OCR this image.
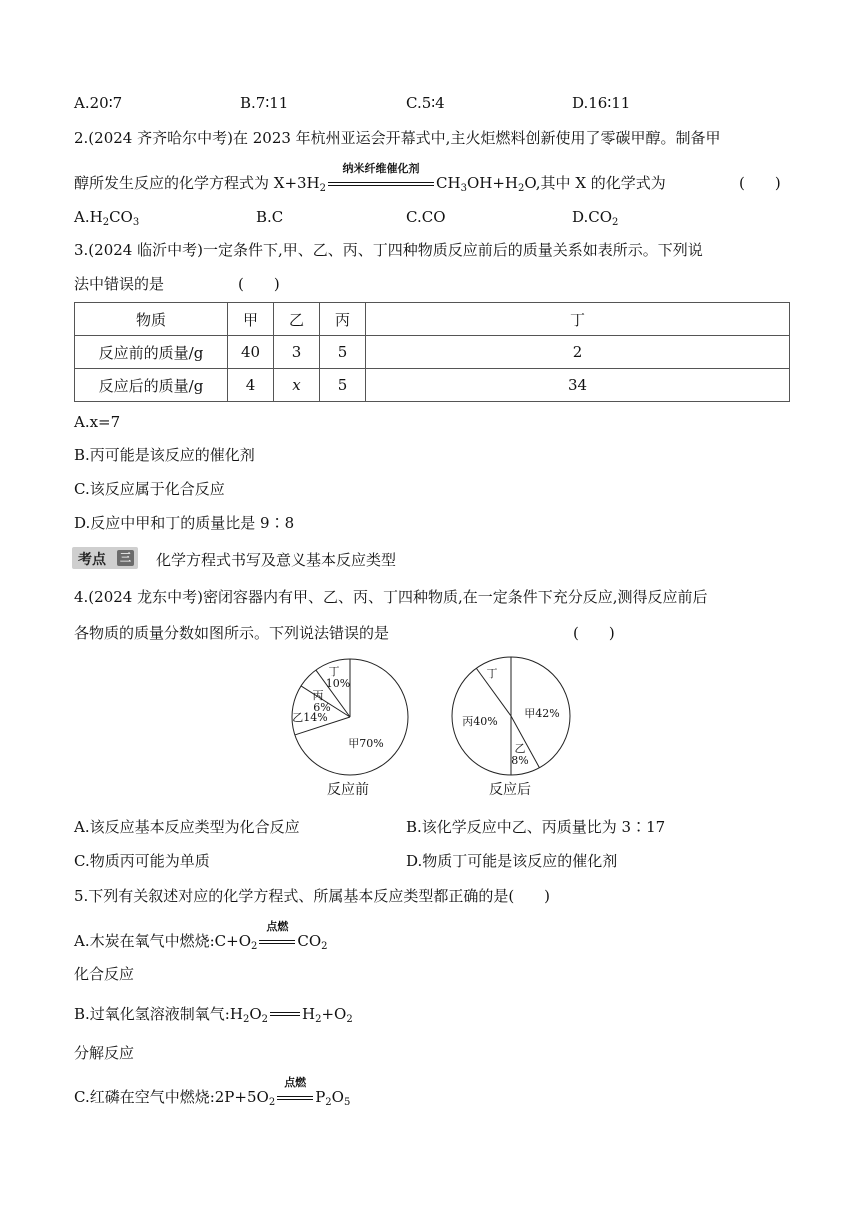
A.20∶7	B.7∶11	C.5∶4	D.16∶11
2.(2024 齐齐哈尔中考)在 2023 年杭州亚运会开幕式中,主火炬燃料创新使用了零碳甲醇。制备甲
醇所发生反应的化学方程式为 $X+3H_2$
纳米纤维催化剂
$CH_3OH+H_2O$,其中 X 的化学式为	(　　)
$A.H_2CO_3$	B.C	C.CO	$D.CO_2$
3.(2024 临沂中考)一定条件下,甲、乙、丙、丁四种物质反应前后的质量关系如表所示。下列说
法中错误的是	(　　)
物质	甲	乙	丙	丁
反应前的质量/g	40	3	5	2
反应后的质量/g	4	x	5	34
A.x=7
B.丙可能是该反应的催化剂
C.该反应属于化合反应
D.反应中甲和丁的质量比是 9∶8
考点 三 化学方程式书写及意义基本反应类型
4.(2024 龙东中考)密闭容器内有甲、乙、丙、丁四种物质,在一定条件下充分反应,测得反应前后
各物质的质量分数如图所示。下列说法错误的是	(　　)
甲70%
乙14%
丙
6%
丁
10%
反应前
甲42%
乙
8%
丙40%
丁
反应后
A.该反应基本反应类型为化合反应	B.该化学反应中乙、丙质量比为 3∶17
C.物质丙可能为单质	D.物质丁可能是该反应的催化剂
5.下列有关叙述对应的化学方程式、所属基本反应类型都正确的是(　　)
A.木炭在氧气中燃烧$:C+O_2$
点燃
$CO_2$
化合反应
B.过氧化氢溶液制氧气$:H_2O_2$ $H_2+O_2$
分解反应
C.红磷在空气中燃烧$:2P+5O_2$
点燃
$P_2O_5$
